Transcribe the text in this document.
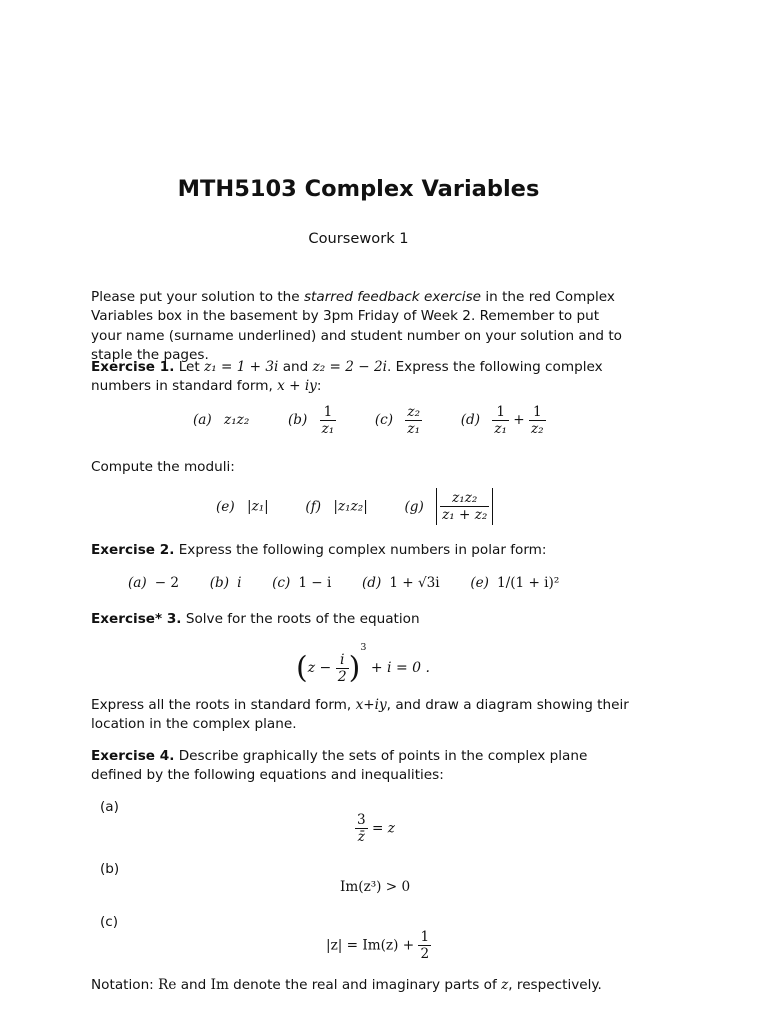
MTH5103 Complex Variables
Coursework 1
Please put your solution to the starred feedback exercise in the red Complex Variables box in the basement by 3pm Friday of Week 2. Remember to put your name (surname underlined) and student number on your solution and to staple the pages.
Exercise 1. Let z₁ = 1 + 3i and z₂ = 2 − 2i. Express the following complex numbers in standard form, x + iy:
(a) z₁z₂	$(b) \frac{1}{\text{z₁}}$	$(c) \frac{\text{z₂}}{\text{z₁}}$	$(d) \frac{1}{\text{z₁}} + \frac{1}{\text{z₂}}$
Compute the moduli:
(e) |z₁|	(f) |z₁z₂|	$(g) \frac{\text{z₁z₂}}{\text{z₁ + z₂}}$
Exercise 2. Express the following complex numbers in polar form:
(a) − 2 (b) i (c) 1 − i (d) 1 + √3i (e) 1/(1 + i)²
Exercise* 3. Solve for the roots of the equation
$(z - \frac{i}{2} )^3 + i = 0$ .
Express all the roots in standard form, x+iy, and draw a diagram showing their location in the complex plane.
Exercise 4. Describe graphically the sets of points in the complex plane defined by the following equations and inequalities:
(a)
$\frac{3}{z̄} = z$
(b)
Im(z³) > 0
(c)
$|z| = Im(z) + \frac{1}{2}$
Notation: Re and Im denote the real and imaginary parts of z, respectively.
